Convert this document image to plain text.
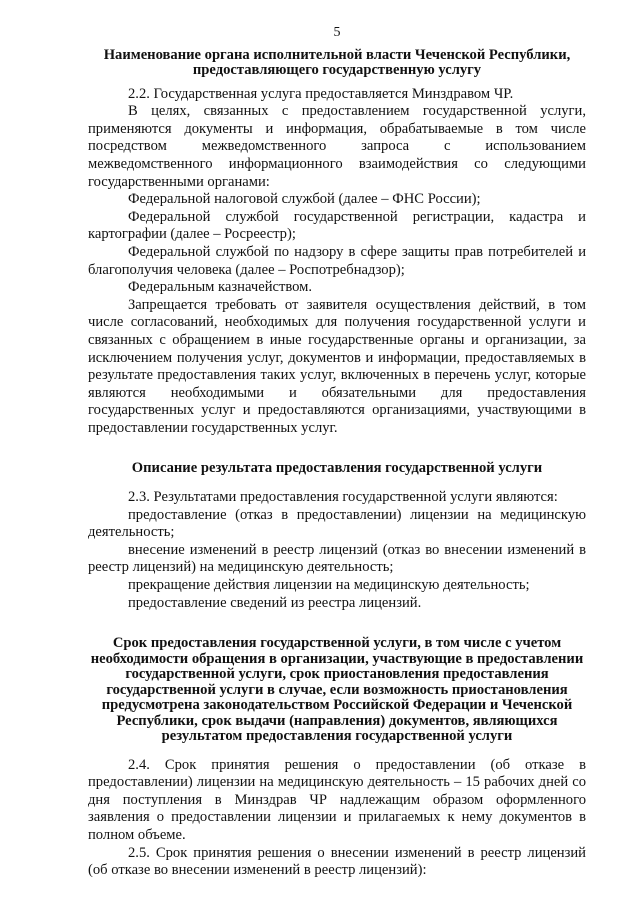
5
Наименование органа исполнительной власти Чеченской Республики, предоставляющего государственную услугу

2.2. Государственная услуга предоставляется Минздравом ЧР.

В целях, связанных с предоставлением государственной услуги, применяются документы и информация, обрабатываемые в том числе посредством межведомственного запроса с использованием межведомственного информационного взаимодействия со следующими государственными органами:

Федеральной налоговой службой (далее – ФНС России);

Федеральной службой государственной регистрации, кадастра и картографии (далее – Росреестр);

Федеральной службой по надзору в сфере защиты прав потребителей и благополучия человека (далее – Роспотребнадзор);

Федеральным казначейством.

Запрещается требовать от заявителя осуществления действий, в том числе согласований, необходимых для получения государственной услуги и связанных с обращением в иные государственные органы и организации, за исключением получения услуг, документов и информации, предоставляемых в результате предоставления таких услуг, включенных в перечень услуг, которые являются необходимыми и обязательными для предоставления государственных услуг и предоставляются организациями, участвующими в предоставлении государственных услуг.

Описание результата предоставления государственной услуги

2.3. Результатами предоставления государственной услуги являются:

предоставление (отказ в предоставлении) лицензии на медицинскую деятельность;

внесение изменений в реестр лицензий (отказ во внесении изменений в реестр лицензий) на медицинскую деятельность;

прекращение действия лицензии на медицинскую деятельность;

предоставление сведений из реестра лицензий.

Срок предоставления государственной услуги, в том числе с учетом необходимости обращения в организации, участвующие в предоставлении государственной услуги, срок приостановления предоставления государственной услуги в случае, если возможность приостановления предусмотрена законодательством Российской Федерации и Чеченской Республики, срок выдачи (направления) документов, являющихся результатом предоставления государственной услуги

2.4. Срок принятия решения о предоставлении (об отказе в предоставлении) лицензии на медицинскую деятельность – 15 рабочих дней со дня поступления в Минздрав ЧР надлежащим образом оформленного заявления о предоставлении лицензии и прилагаемых к нему документов в полном объеме.

2.5. Срок принятия решения о внесении изменений в реестр лицензий (об отказе во внесении изменений в реестр лицензий):
